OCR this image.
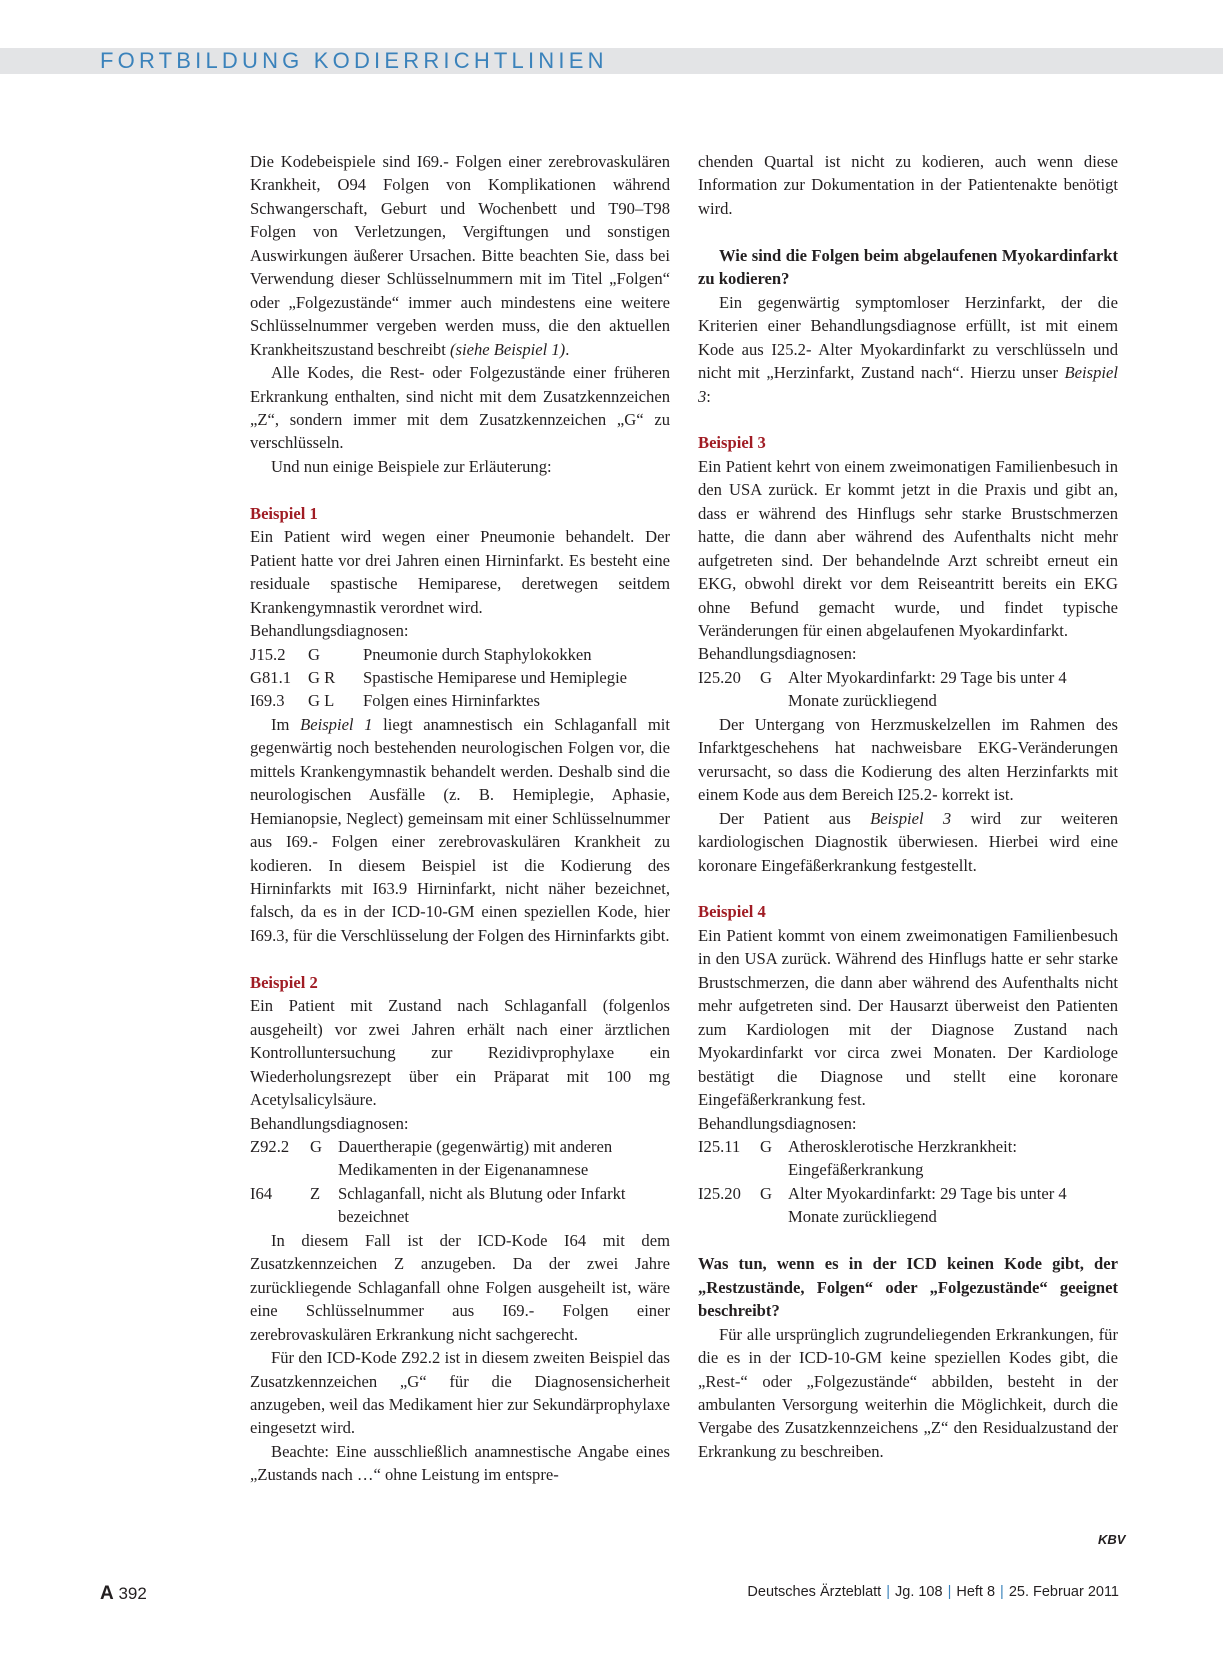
FORTBILDUNG KODIERRICHTLINIEN

Die Kodebeispiele sind I69.- Folgen einer zerebrovaskulären Krankheit, O94 Folgen von Komplikationen während Schwangerschaft, Geburt und Wochenbett und T90–T98 Folgen von Verletzungen, Vergiftungen und sonstigen Auswirkungen äußerer Ursachen. Bitte beachten Sie, dass bei Verwendung dieser Schlüsselnummern mit im Titel „Folgen“ oder „Folgezustände“ immer auch mindestens eine weitere Schlüsselnummer vergeben werden muss, die den aktuellen Krankheitszustand beschreibt (siehe Beispiel 1).

Alle Kodes, die Rest- oder Folgezustände einer früheren Erkrankung enthalten, sind nicht mit dem Zusatzkennzeichen „Z“, sondern immer mit dem Zusatzkennzeichen „G“ zu verschlüsseln.

Und nun einige Beispiele zur Erläuterung:

Beispiel 1

Ein Patient wird wegen einer Pneumonie behandelt. Der Patient hatte vor drei Jahren einen Hirninfarkt. Es besteht eine residuale spastische Hemiparese, deretwegen seitdem Krankengymnastik verordnet wird.

Behandlungsdiagnosen:

J15.2	G	Pneumonie durch Staphylokokken
G81.1	G R	Spastische Hemiparese und Hemiplegie
I69.3	G L	Folgen eines Hirninfarktes

Im Beispiel 1 liegt anamnestisch ein Schlaganfall mit gegenwärtig noch bestehenden neurologischen Folgen vor, die mittels Krankengymnastik behandelt werden. Deshalb sind die neurologischen Ausfälle (z. B. Hemiplegie, Aphasie, Hemianopsie, Neglect) gemeinsam mit einer Schlüsselnummer aus I69.- Folgen einer zerebrovaskulären Krankheit zu kodieren. In diesem Beispiel ist die Kodierung des Hirninfarkts mit I63.9 Hirninfarkt, nicht näher bezeichnet, falsch, da es in der ICD-10-GM einen speziellen Kode, hier I69.3, für die Verschlüsselung der Folgen des Hirninfarkts gibt.

Beispiel 2

Ein Patient mit Zustand nach Schlaganfall (folgenlos ausgeheilt) vor zwei Jahren erhält nach einer ärztlichen Kontrolluntersuchung zur Rezidivprophylaxe ein Wiederholungsrezept über ein Präparat mit 100 mg Acetylsalicylsäure.

Behandlungsdiagnosen:

Z92.2	G Dauertherapie (gegenwärtig) mit anderen Medikamenten in der Eigenanamnese
I64	Z	Schlaganfall, nicht als Blutung oder Infarkt bezeichnet

In diesem Fall ist der ICD-Kode I64 mit dem Zusatzkennzeichen Z anzugeben. Da der zwei Jahre zurückliegende Schlaganfall ohne Folgen ausgeheilt ist, wäre eine Schlüsselnummer aus I69.- Folgen einer zerebrovaskulären Erkrankung nicht sachgerecht.

Für den ICD-Kode Z92.2 ist in diesem zweiten Beispiel das Zusatzkennzeichen „G“ für die Diagnosensicherheit anzugeben, weil das Medikament hier zur Sekundärprophylaxe eingesetzt wird.

Beachte: Eine ausschließlich anamnestische Angabe eines „Zustands nach …“ ohne Leistung im entspre-

chenden Quartal ist nicht zu kodieren, auch wenn diese Information zur Dokumentation in der Patientenakte benötigt wird.

Wie sind die Folgen beim abgelaufenen Myokardinfarkt zu kodieren?

Ein gegenwärtig symptomloser Herzinfarkt, der die Kriterien einer Behandlungsdiagnose erfüllt, ist mit einem Kode aus I25.2- Alter Myokardinfarkt zu verschlüsseln und nicht mit „Herzinfarkt, Zustand nach“. Hierzu unser Beispiel 3:

Beispiel 3

Ein Patient kehrt von einem zweimonatigen Familienbesuch in den USA zurück. Er kommt jetzt in die Praxis und gibt an, dass er während des Hinflugs sehr starke Brustschmerzen hatte, die dann aber während des Aufenthalts nicht mehr aufgetreten sind. Der behandelnde Arzt schreibt erneut ein EKG, obwohl direkt vor dem Reiseantritt bereits ein EKG ohne Befund gemacht wurde, und findet typische Veränderungen für einen abgelaufenen Myokardinfarkt.

Behandlungsdiagnosen:

I25.20	G Alter Myokardinfarkt: 29 Tage bis unter 4 Monate zurückliegend

Der Untergang von Herzmuskelzellen im Rahmen des Infarktgeschehens hat nachweisbare EKG-Veränderungen verursacht, so dass die Kodierung des alten Herzinfarkts mit einem Kode aus dem Bereich I25.2- korrekt ist.

Der Patient aus Beispiel 3 wird zur weiteren kardiologischen Diagnostik überwiesen. Hierbei wird eine koronare Eingefäßerkrankung festgestellt.

Beispiel 4

Ein Patient kommt von einem zweimonatigen Familienbesuch in den USA zurück. Während des Hinflugs hatte er sehr starke Brustschmerzen, die dann aber während des Aufenthalts nicht mehr aufgetreten sind. Der Hausarzt überweist den Patienten zum Kardiologen mit der Diagnose Zustand nach Myokardinfarkt vor circa zwei Monaten. Der Kardiologe bestätigt die Diagnose und stellt eine koronare Eingefäßerkrankung fest.

Behandlungsdiagnosen:

I25.11	G Atherosklerotische Herzkrankheit: Eingefäßerkrankung
I25.20	G Alter Myokardinfarkt: 29 Tage bis unter 4 Monate zurückliegend
Was tun, wenn es in der ICD keinen Kode gibt, der „Restzustände, Folgen“ oder „Folgezustände“ geeignet beschreibt?

Für alle ursprünglich zugrundeliegenden Erkrankungen, für die es in der ICD-10-GM keine speziellen Kodes gibt, die „Rest-“ oder „Folgezustände“ abbilden, besteht in der ambulanten Versorgung weiterhin die Möglichkeit, durch die Vergabe des Zusatzkennzeichens „Z“ den Residualzustand der Erkrankung zu beschreiben.

KBV
A 392	Deutsches Ärzteblatt | Jg. 108 | Heft 8 | 25. Februar 2011
